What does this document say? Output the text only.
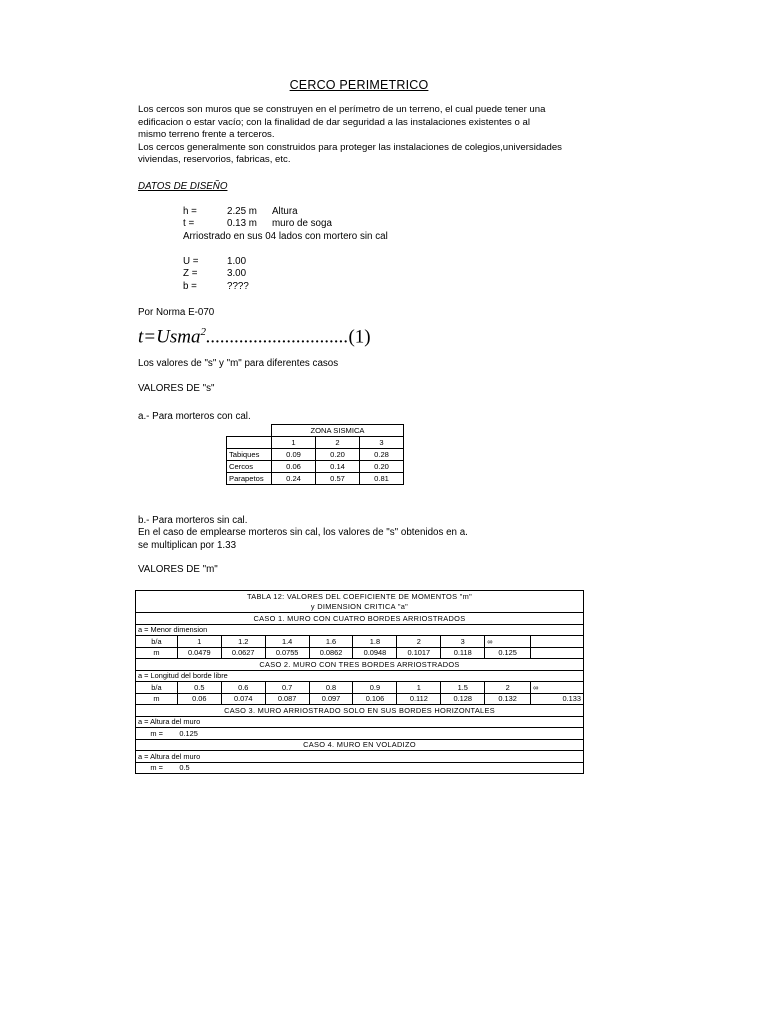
CERCO PERIMETRICO
Los cercos son muros que se construyen en el perímetro de un terreno, el cual puede tener una
edificacion o estar vacío; con la finalidad de dar seguridad a las instalaciones existentes o al
mismo terreno frente a terceros.
Los cercos generalmente son construidos para proteger las instalaciones de colegios,universidades
viviendas, reservorios, fabricas, etc.
DATOS DE DISEÑO
h =	2.25 m Altura
t =	0.13 m muro de soga
Arriostrado en sus 04 lados con mortero sin cal
U =	1.00
Z =	3.00
b =	????
Por Norma E-070
t=Usma$^2$..............................(1)
Los valores de "s" y "m" para diferentes casos
VALORES DE "s"
a.- Para morteros con cal.
	ZONA SISMICA		
	1	2	3
Tabiques	0.09	0.20	0.28
Cercos	0.06	0.14	0.20
Parapetos	0.24	0.57	0.81
b.- Para morteros sin cal.
En el caso de emplearse morteros sin cal, los valores de "s" obtenidos en a.
se multiplican por 1.33
VALORES DE "m"
TABLA 12: VALORES DEL COEFICIENTE DE MOMENTOS "m"									
y DIMENSION CRITICA "a"									
CASO 1. MURO CON CUATRO BORDES ARRIOSTRADOS									
a = Menor dimension									
b/a	1	1.2	1.4	1.6	1.8	2	3	∞	
m	0.0479	0.0627	0.0755	0.0862	0.0948	0.1017	0.118	0.125	
CASO 2. MURO CON TRES BORDES ARRIOSTRADOS									
a = Longitud del borde libre									
b/a	0.5	0.6	0.7	0.8	0.9	1	1.5	2	∞
m	0.06	0.074	0.087	0.097	0.106	0.112	0.128	0.132	0.133
CASO 3. MURO ARRIOSTRADO SOLO EN SUS BORDES HORIZONTALES									
a = Altura del muro									
m =	0.125								
CASO 4. MURO EN VOLADIZO									
a = Altura del muro									
m =	0.5								
